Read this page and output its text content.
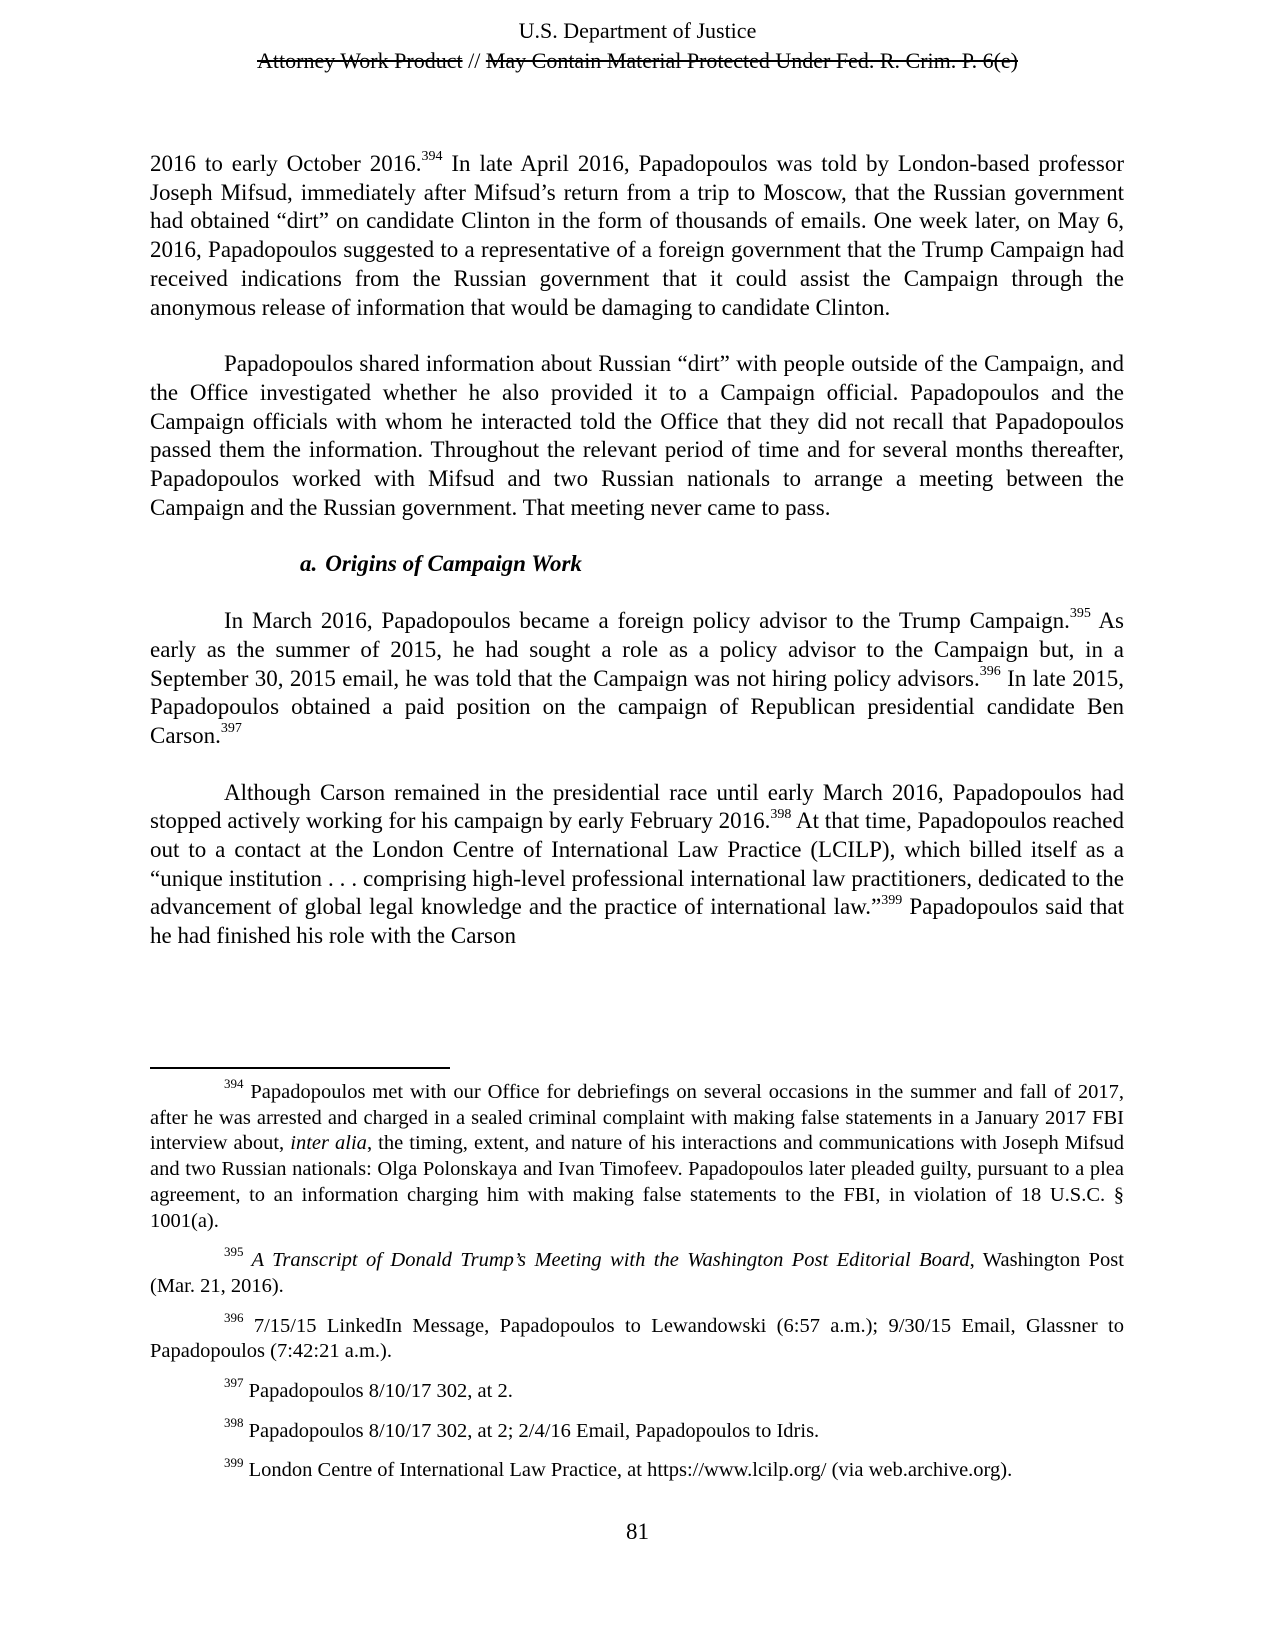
U.S. Department of Justice
Attorney Work Product // May Contain Material Protected Under Fed. R. Crim. P. 6(e)

2016 to early October 2016.$^{394}$ In late April 2016, Papadopoulos was told by London-based professor Joseph Mifsud, immediately after Mifsud’s return from a trip to Moscow, that the Russian government had obtained “dirt” on candidate Clinton in the form of thousands of emails. One week later, on May 6, 2016, Papadopoulos suggested to a representative of a foreign government that the Trump Campaign had received indications from the Russian government that it could assist the Campaign through the anonymous release of information that would be damaging to candidate Clinton.

Papadopoulos shared information about Russian “dirt” with people outside of the Campaign, and the Office investigated whether he also provided it to a Campaign official. Papadopoulos and the Campaign officials with whom he interacted told the Office that they did not recall that Papadopoulos passed them the information. Throughout the relevant period of time and for several months thereafter, Papadopoulos worked with Mifsud and two Russian nationals to arrange a meeting between the Campaign and the Russian government. That meeting never came to pass.

a. Origins of Campaign Work

In March 2016, Papadopoulos became a foreign policy advisor to the Trump Campaign.$^{395}$ As early as the summer of 2015, he had sought a role as a policy advisor to the Campaign but, in a September 30, 2015 email, he was told that the Campaign was not hiring policy advisors.$^{396}$ In late 2015, Papadopoulos obtained a paid position on the campaign of Republican presidential candidate Ben Carson.$^{397}$

Although Carson remained in the presidential race until early March 2016, Papadopoulos had stopped actively working for his campaign by early February 2016.$^{398}$ At that time, Papadopoulos reached out to a contact at the London Centre of International Law Practice (LCILP), which billed itself as a “unique institution . . . comprising high-level professional international law practitioners, dedicated to the advancement of global legal knowledge and the practice of international law.”$^{399}$ Papadopoulos said that he had finished his role with the Carson

$^{394}$ Papadopoulos met with our Office for debriefings on several occasions in the summer and fall of 2017, after he was arrested and charged in a sealed criminal complaint with making false statements in a January 2017 FBI interview about, inter alia, the timing, extent, and nature of his interactions and communications with Joseph Mifsud and two Russian nationals: Olga Polonskaya and Ivan Timofeev. Papadopoulos later pleaded guilty, pursuant to a plea agreement, to an information charging him with making false statements to the FBI, in violation of 18 U.S.C. § 1001(a).

$^{395}$ A Transcript of Donald Trump’s Meeting with the Washington Post Editorial Board, Washington Post (Mar. 21, 2016).

$^{396}$ 7/15/15 LinkedIn Message, Papadopoulos to Lewandowski (6:57 a.m.); 9/30/15 Email, Glassner to Papadopoulos (7:42:21 a.m.).

$^{397}$ Papadopoulos 8/10/17 302, at 2.

$^{398}$ Papadopoulos 8/10/17 302, at 2; 2/4/16 Email, Papadopoulos to Idris.

$^{399}$ London Centre of International Law Practice, at https://www.lcilp.org/ (via web.archive.org).

81
